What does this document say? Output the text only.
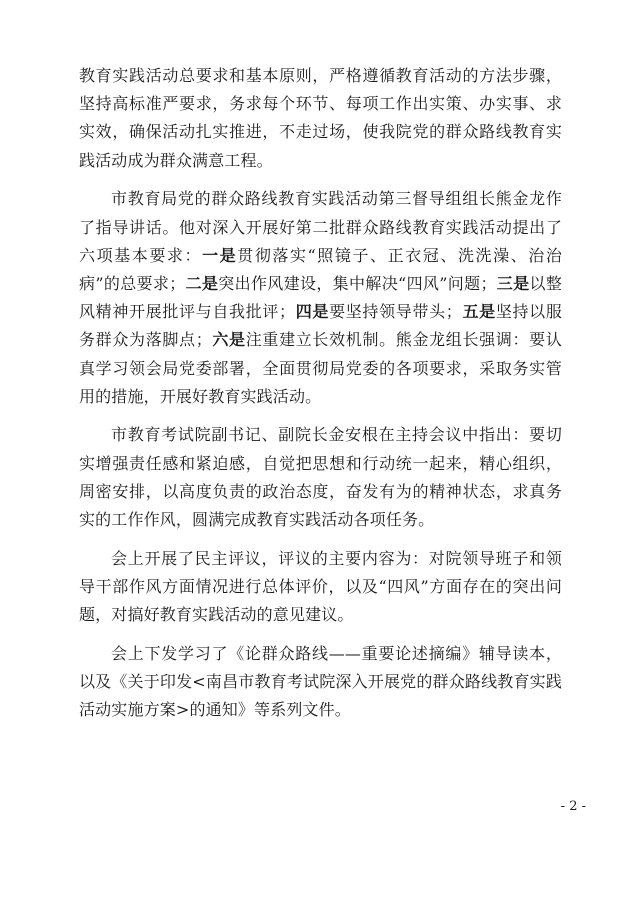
教育实践活动总要求和基本原则，严格遵循教育活动的方法步骤，坚持高标准严要求，务求每个环节、每项工作出实策、办实事、求实效，确保活动扎实推进，不走过场，使我院党的群众路线教育实践活动成为群众满意工程。

市教育局党的群众路线教育实践活动第三督导组组长熊金龙作了指导讲话。他对深入开展好第二批群众路线教育实践活动提出了六项基本要求：一是贯彻落实“照镜子、正衣冠、洗洗澡、治治病”的总要求；二是突出作风建设，集中解决“四风”问题；三是以整风精神开展批评与自我批评；四是要坚持领导带头；五是坚持以服务群众为落脚点；六是注重建立长效机制。熊金龙组长强调：要认真学习领会局党委部署，全面贯彻局党委的各项要求，采取务实管用的措施，开展好教育实践活动。

市教育考试院副书记、副院长金安根在主持会议中指出：要切实增强责任感和紧迫感，自觉把思想和行动统一起来，精心组织，周密安排，以高度负责的政治态度，奋发有为的精神状态，求真务实的工作作风，圆满完成教育实践活动各项任务。

会上开展了民主评议，评议的主要内容为：对院领导班子和领导干部作风方面情况进行总体评价，以及“四风”方面存在的突出问题，对搞好教育实践活动的意见建议。

会上下发学习了《论群众路线——重要论述摘编》辅导读本，以及《关于印发<南昌市教育考试院深入开展党的群众路线教育实践活动实施方案>的通知》等系列文件。

- 2 -
